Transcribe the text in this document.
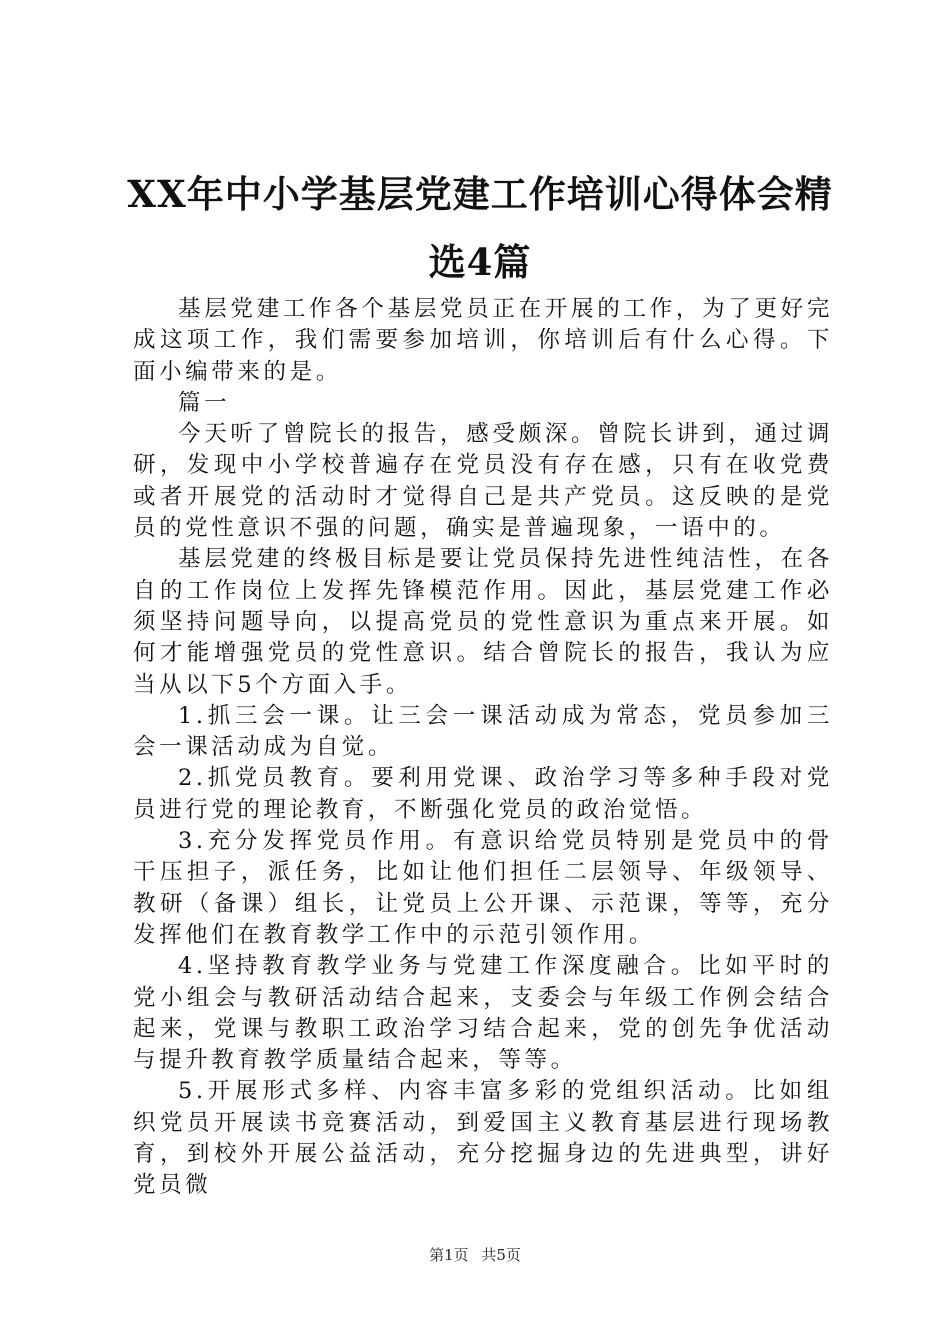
XX年中小学基层党建工作培训心得体会精选4篇

基层党建工作各个基层党员正在开展的工作，为了更好完成这项工作，我们需要参加培训，你培训后有什么心得。下面小编带来的是。

篇一

今天听了曾院长的报告，感受颇深。曾院长讲到，通过调研，发现中小学校普遍存在党员没有存在感，只有在收党费或者开展党的活动时才觉得自己是共产党员。这反映的是党员的党性意识不强的问题，确实是普遍现象，一语中的。

基层党建的终极目标是要让党员保持先进性纯洁性，在各自的工作岗位上发挥先锋模范作用。因此，基层党建工作必须坚持问题导向，以提高党员的党性意识为重点来开展。如何才能增强党员的党性意识。结合曾院长的报告，我认为应当从以下5个方面入手。

1.抓三会一课。让三会一课活动成为常态，党员参加三会一课活动成为自觉。

2.抓党员教育。要利用党课、政治学习等多种手段对党员进行党的理论教育，不断强化党员的政治觉悟。

3.充分发挥党员作用。有意识给党员特别是党员中的骨干压担子，派任务，比如让他们担任二层领导、年级领导、教研（备课）组长，让党员上公开课、示范课，等等，充分发挥他们在教育教学工作中的示范引领作用。

4.坚持教育教学业务与党建工作深度融合。比如平时的党小组会与教研活动结合起来，支委会与年级工作例会结合起来，党课与教职工政治学习结合起来，党的创先争优活动与提升教育教学质量结合起来，等等。

5.开展形式多样、内容丰富多彩的党组织活动。比如组织党员开展读书竞赛活动，到爱国主义教育基层进行现场教育，到校外开展公益活动，充分挖掘身边的先进典型，讲好党员微

第1页 共5页
